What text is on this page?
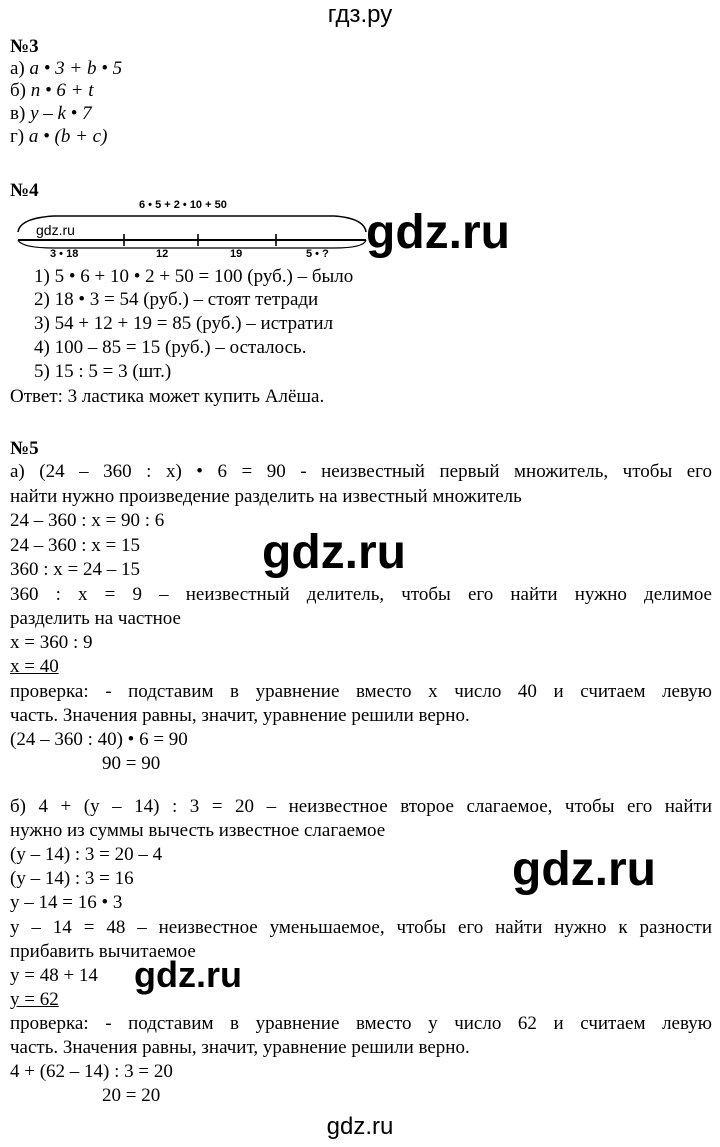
гдз.ру
№3
а) a • 3 + b • 5
б) n • 6 + t
в) y – k • 7
г) a • (b + c)
№4
6 • 5 + 2 • 10 + 50
3 • 18	12	19	5 • ?
gdz.ru	gdz.ru
1) 5 • 6 + 10 • 2 + 50 = 100 (руб.) – было
2) 18 • 3 = 54 (руб.) – стоят тетради
3) 54 + 12 + 19 = 85 (руб.) – истратил
4) 100 – 85 = 15 (руб.) – осталось.
5) 15 : 5 = 3 (шт.)
Ответ: 3 ластика может купить Алёша.
№5
а) (24 – 360 : x) • 6 = 90 - неизвестный первый множитель, чтобы его
найти нужно произведение разделить на известный множитель
24 – 360 : x = 90 : 6
24 – 360 : x = 15
360 : x = 24 – 15
360 : x = 9 – неизвестный делитель, чтобы его найти нужно делимое
разделить на частное
x = 360 : 9
x = 40
проверка: - подставим в уравнение вместо x число 40 и считаем левую
часть. Значения равны, значит, уравнение решили верно.
(24 – 360 : 40) • 6 = 90
90 = 90
gdz.ru
б) 4 + (y – 14) : 3 = 20 – неизвестное второе слагаемое, чтобы его найти
нужно из суммы вычесть известное слагаемое
(y – 14) : 3 = 20 – 4
(y – 14) : 3 = 16
y – 14 = 16 • 3
y – 14 = 48 – неизвестное уменьшаемое, чтобы его найти нужно к разности
прибавить вычитаемое
y = 48 + 14
y = 62
проверка: - подставим в уравнение вместо y число 62 и считаем левую
часть. Значения равны, значит, уравнение решили верно.
4 + (62 – 14) : 3 = 20
20 = 20
gdz.ru
gdz.ru
gdz.ru
